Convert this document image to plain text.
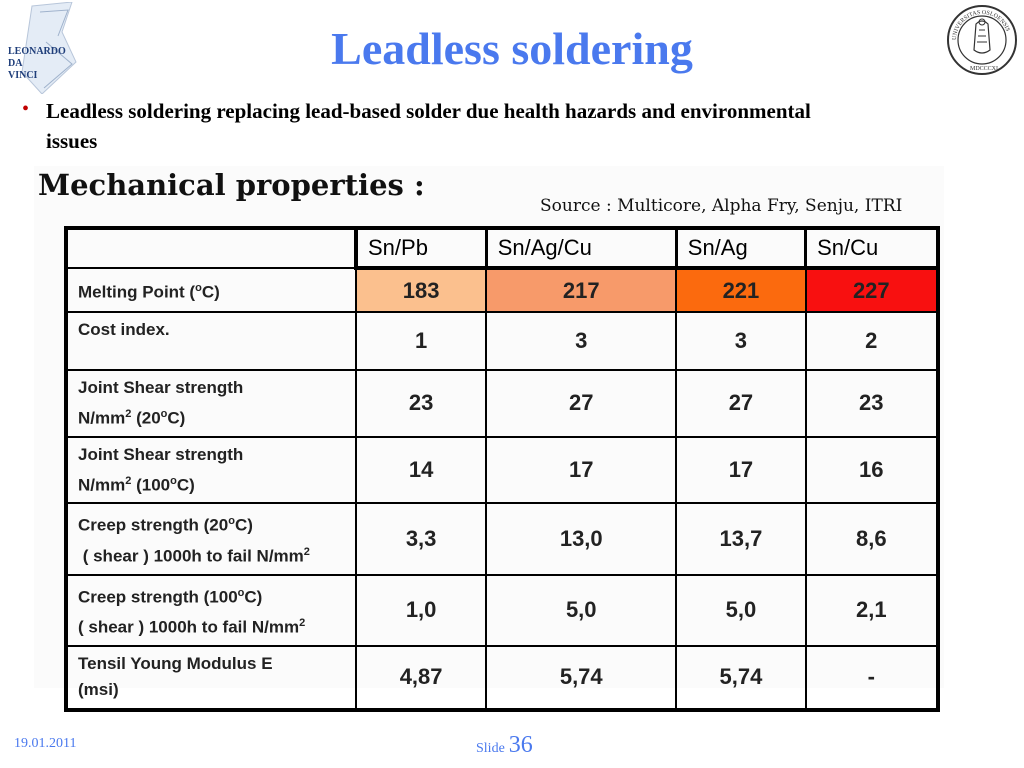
LEONARDO
DA
VINCI
UNIVERSITAS OSLOENSIS
MDCCCXI
Leadless soldering
• Leadless soldering replacing lead-based solder due health hazards and environmental issues
Mechanical properties :
Source : Multicore, Alpha Fry, Senju, ITRI
	Sn/Pb	Sn/Ag/Cu	Sn/Ag	Sn/Cu
Melting Point ($^o$C)	183	217	221	227
Cost index.	1	3	3	2
Joint Shear strength
$N/mm^2$ (20$^o$C)	23	27	27	23
Joint Shear strength
$N/mm^2$ (100$^o$C)	14	17	17	16
Creep strength (20$^o$C)
( shear ) 1000h to fail $N/mm^2$	3,3	13,0	13,7	8,6
Creep strength (100$^o$C)
( shear ) 1000h to fail $N/mm^2$	1,0	5,0	5,0	2,1
Tensil Young Modulus E
(msi)	4,87	5,74	5,74	-
19.01.2011	Slide 36
